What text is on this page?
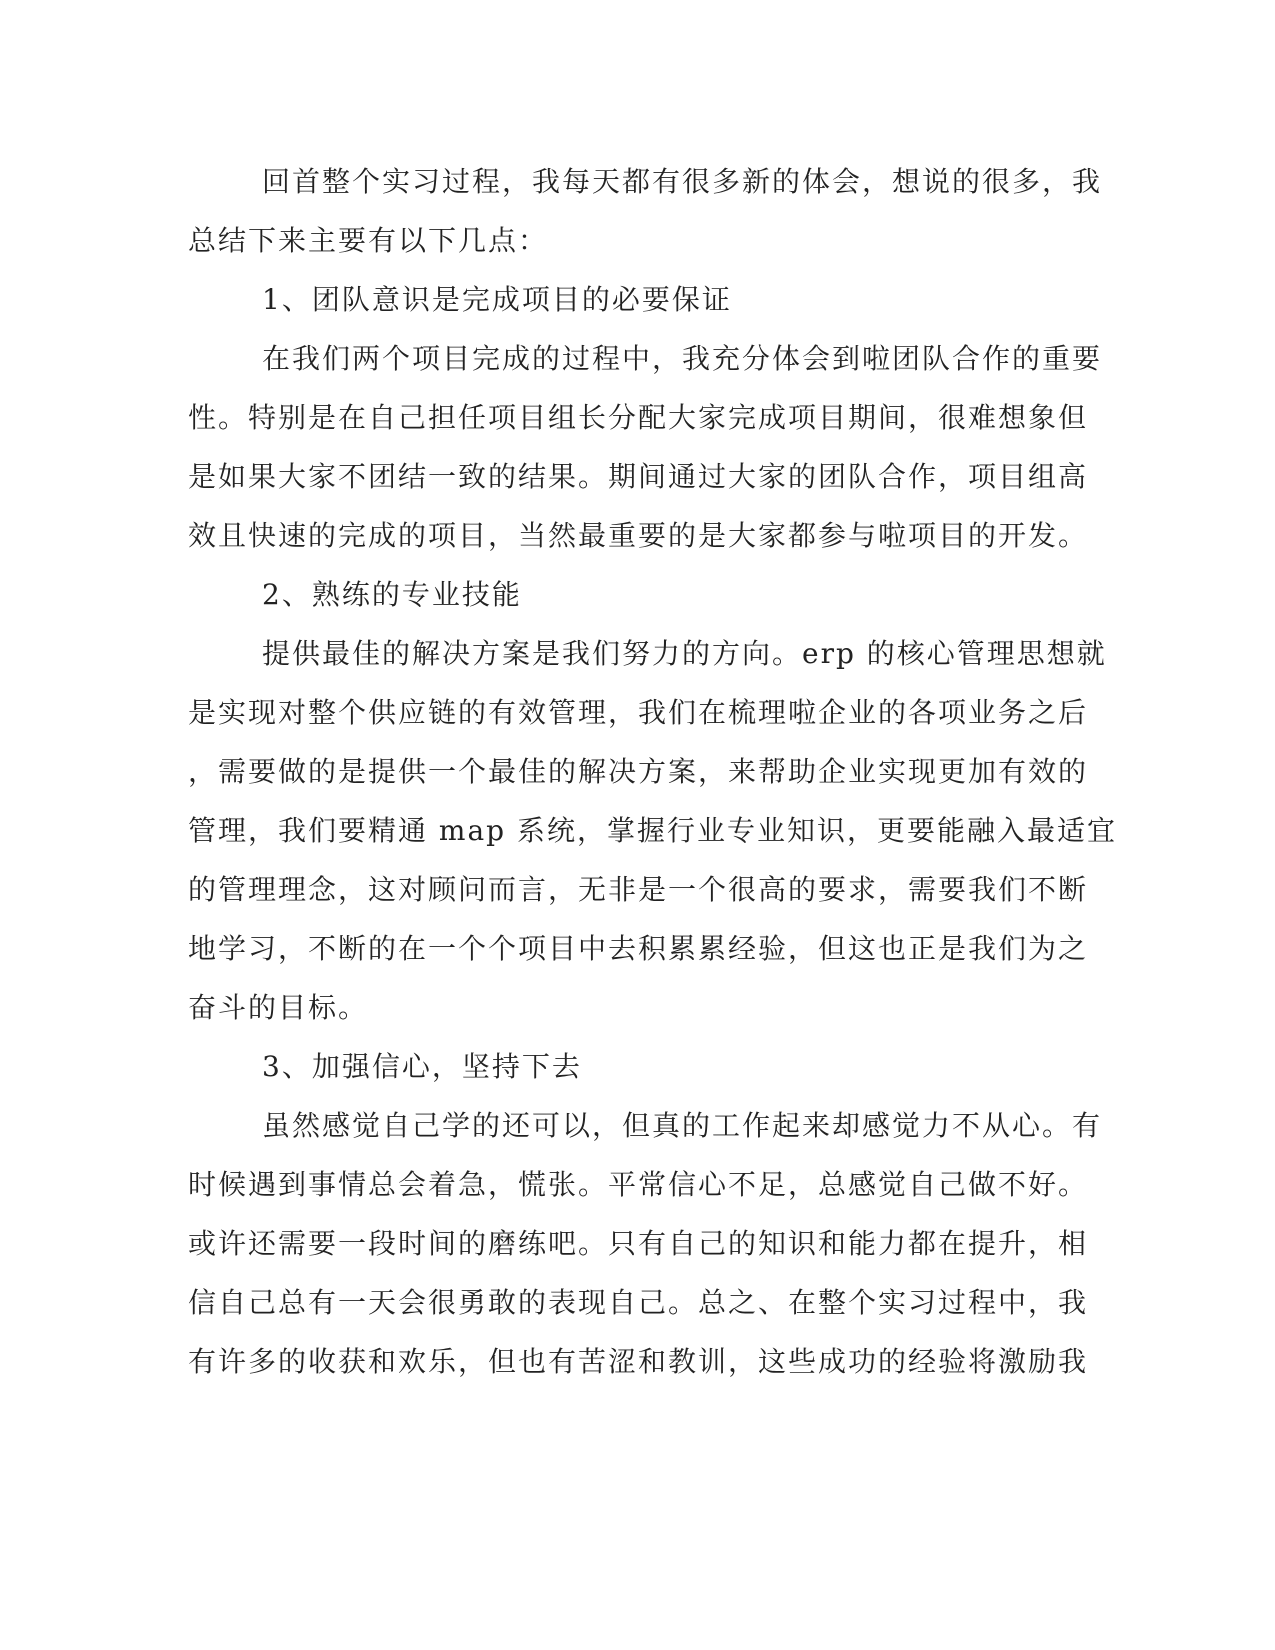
回首整个实习过程，我每天都有很多新的体会，想说的很多，我
总结下来主要有以下几点：
1、团队意识是完成项目的必要保证
在我们两个项目完成的过程中，我充分体会到啦团队合作的重要
性。特别是在自己担任项目组长分配大家完成项目期间，很难想象但
是如果大家不团结一致的结果。期间通过大家的团队合作，项目组高
效且快速的完成的项目，当然最重要的是大家都参与啦项目的开发。
2、熟练的专业技能
提供最佳的解决方案是我们努力的方向。erp 的核心管理思想就
是实现对整个供应链的有效管理，我们在梳理啦企业的各项业务之后
，需要做的是提供一个最佳的解决方案，来帮助企业实现更加有效的
管理，我们要精通 map 系统，掌握行业专业知识，更要能融入最适宜
的管理理念，这对顾问而言，无非是一个很高的要求，需要我们不断
地学习，不断的在一个个项目中去积累累经验，但这也正是我们为之
奋斗的目标。
3、加强信心，坚持下去
虽然感觉自己学的还可以，但真的工作起来却感觉力不从心。有
时候遇到事情总会着急，慌张。平常信心不足，总感觉自己做不好。
或许还需要一段时间的磨练吧。只有自己的知识和能力都在提升，相
信自己总有一天会很勇敢的表现自己。总之、在整个实习过程中，我
有许多的收获和欢乐，但也有苦涩和教训，这些成功的经验将激励我
